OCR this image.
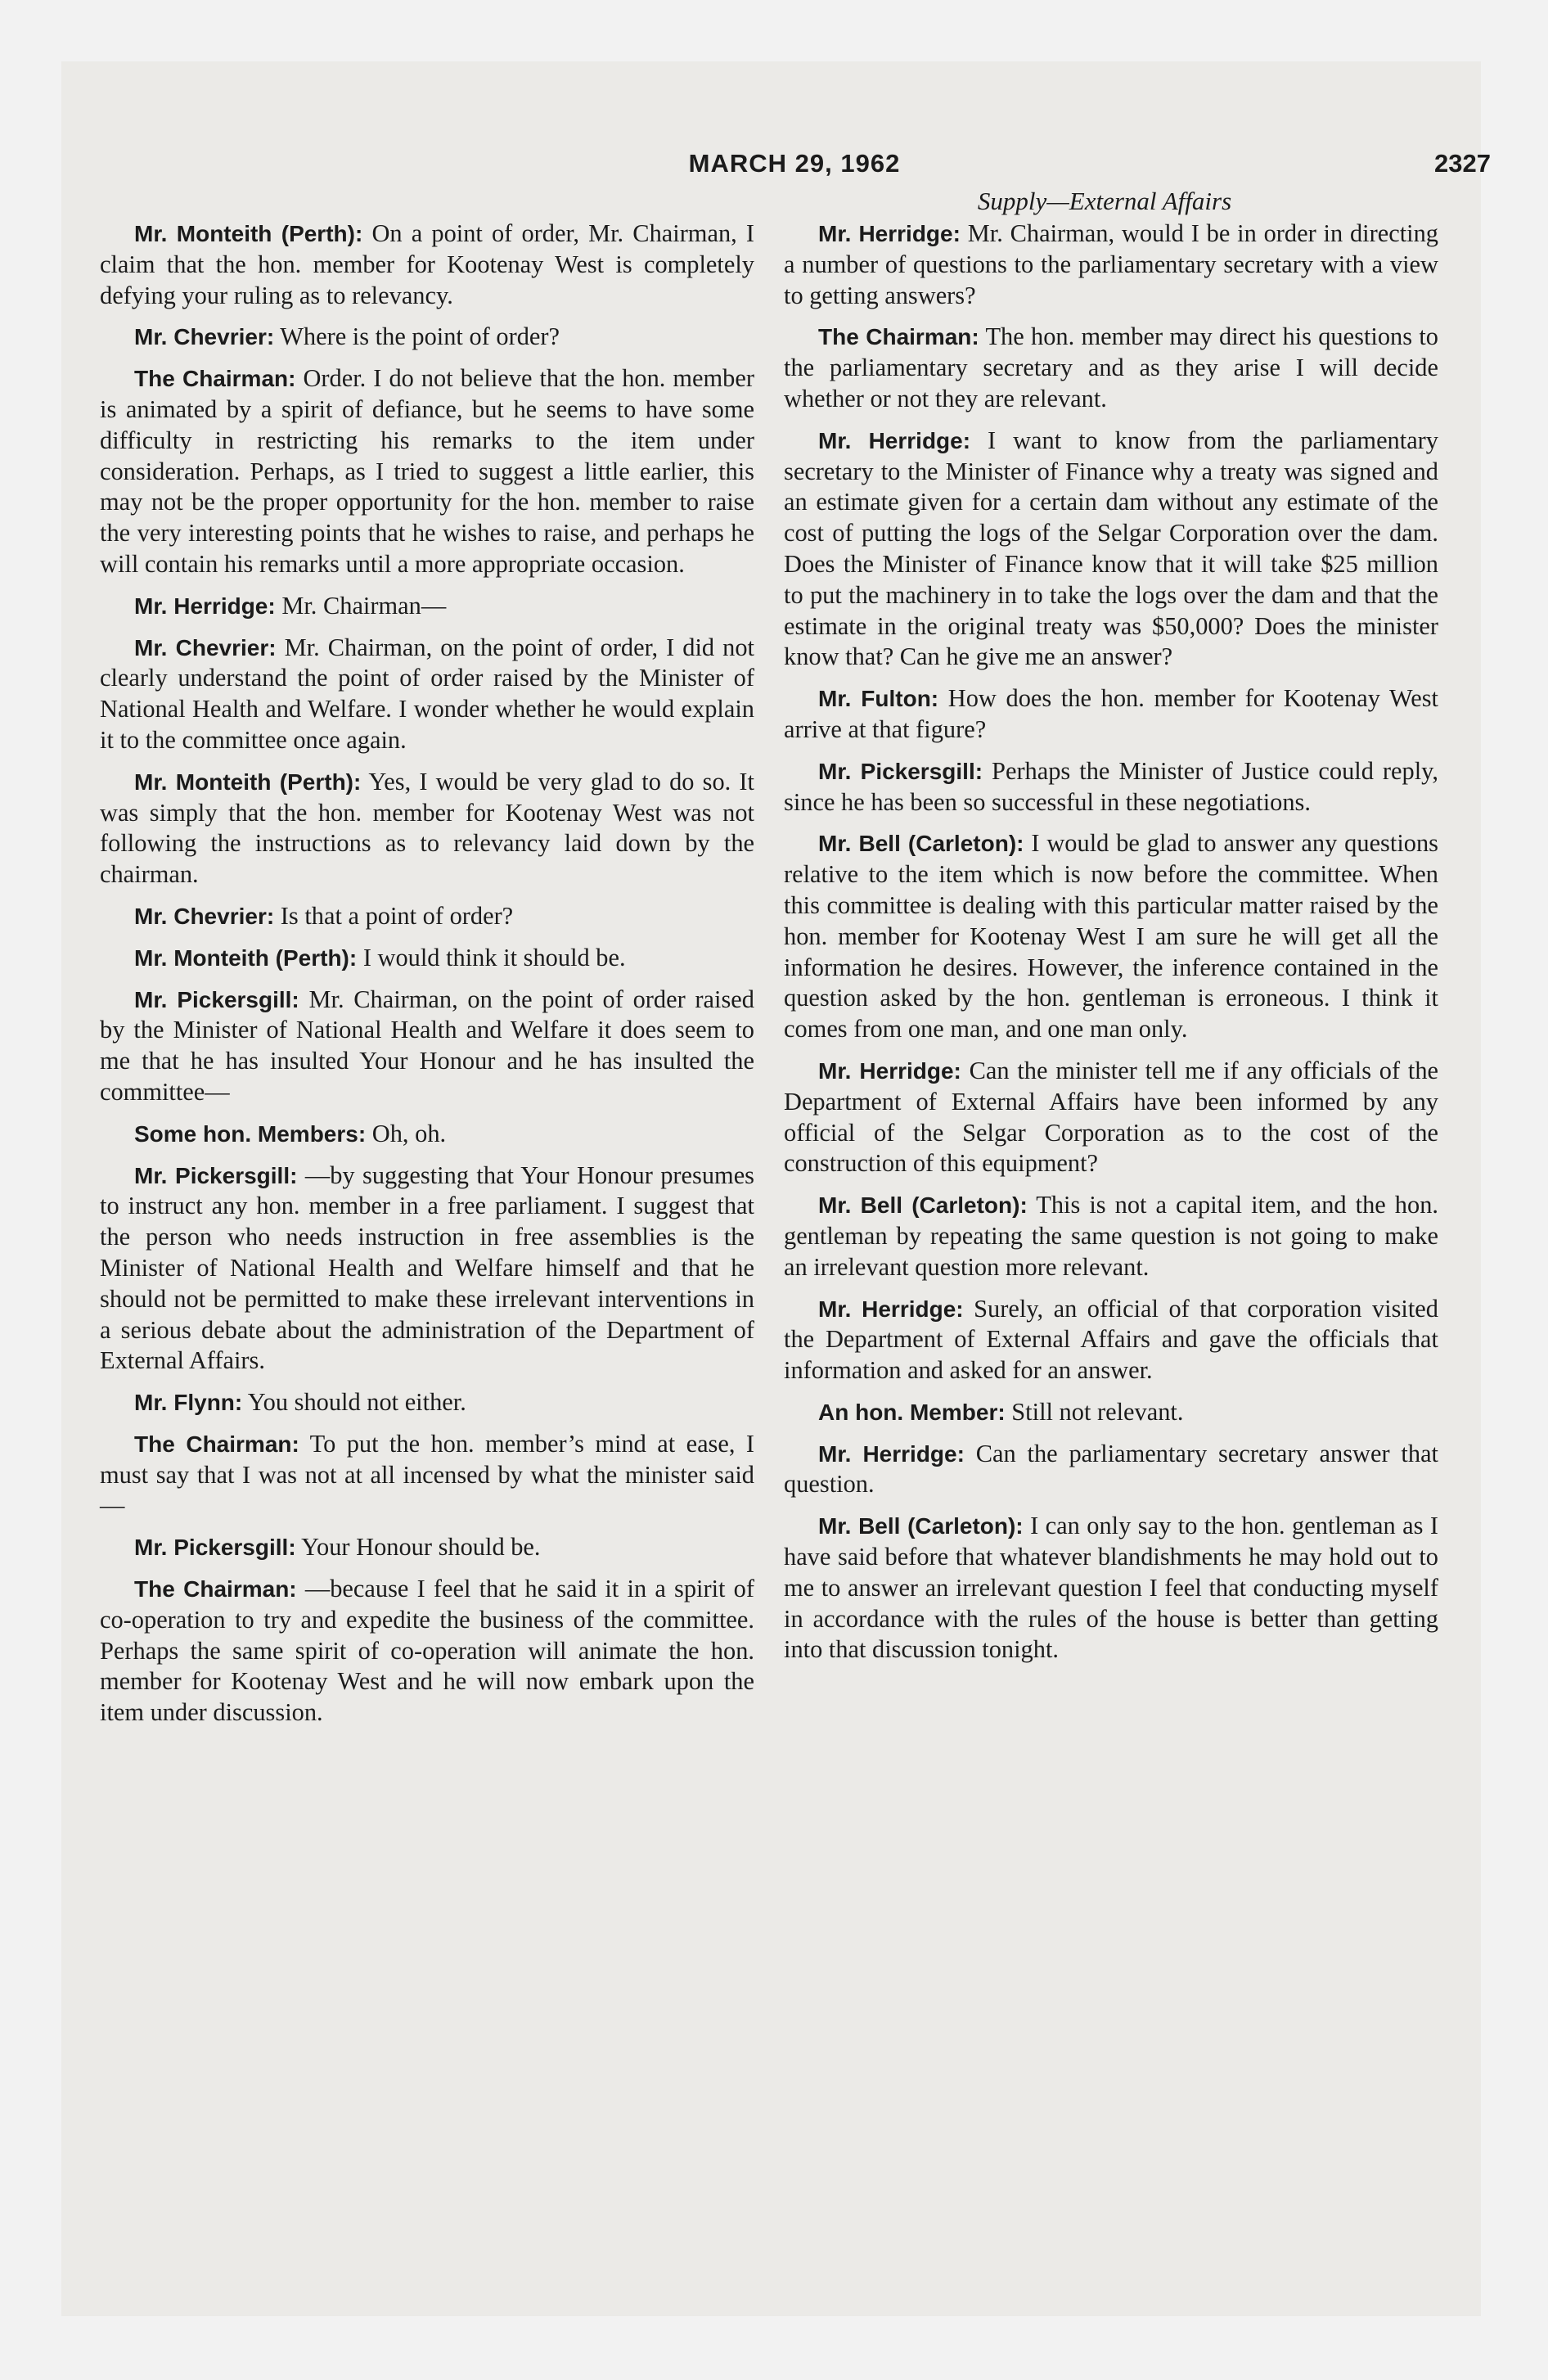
MARCH 29, 1962	2327
Supply—External Affairs

Mr. Monteith (Perth): On a point of order, Mr. Chairman, I claim that the hon. member for Kootenay West is completely defying your ruling as to relevancy.

Mr. Chevrier: Where is the point of order?

The Chairman: Order. I do not believe that the hon. member is animated by a spirit of defiance, but he seems to have some difficulty in restricting his remarks to the item under consideration. Perhaps, as I tried to suggest a little earlier, this may not be the proper opportunity for the hon. member to raise the very interesting points that he wishes to raise, and perhaps he will contain his remarks until a more appropriate occasion.

Mr. Herridge: Mr. Chairman—

Mr. Chevrier: Mr. Chairman, on the point of order, I did not clearly understand the point of order raised by the Minister of National Health and Welfare. I wonder whether he would explain it to the committee once again.

Mr. Monteith (Perth): Yes, I would be very glad to do so. It was simply that the hon. member for Kootenay West was not following the instructions as to relevancy laid down by the chairman.

Mr. Chevrier: Is that a point of order?

Mr. Monteith (Perth): I would think it should be.

Mr. Pickersgill: Mr. Chairman, on the point of order raised by the Minister of National Health and Welfare it does seem to me that he has insulted Your Honour and he has insulted the committee—

Some hon. Members: Oh, oh.

Mr. Pickersgill: —by suggesting that Your Honour presumes to instruct any hon. member in a free parliament. I suggest that the person who needs instruction in free assemblies is the Minister of National Health and Welfare himself and that he should not be permitted to make these irrelevant interventions in a serious debate about the administration of the Department of External Affairs.

Mr. Flynn: You should not either.

The Chairman: To put the hon. member’s mind at ease, I must say that I was not at all incensed by what the minister said—

Mr. Pickersgill: Your Honour should be.

The Chairman: —because I feel that he said it in a spirit of co-operation to try and expedite the business of the committee. Perhaps the same spirit of co-operation will animate the hon. member for Kootenay West and he will now embark upon the item under discussion.

Mr. Herridge: Mr. Chairman, would I be in order in directing a number of questions to the parliamentary secretary with a view to getting answers?

The Chairman: The hon. member may direct his questions to the parliamentary secretary and as they arise I will decide whether or not they are relevant.

Mr. Herridge: I want to know from the parliamentary secretary to the Minister of Finance why a treaty was signed and an estimate given for a certain dam without any estimate of the cost of putting the logs of the Selgar Corporation over the dam. Does the Minister of Finance know that it will take $25 million to put the machinery in to take the logs over the dam and that the estimate in the original treaty was $50,000? Does the minister know that? Can he give me an answer?

Mr. Fulton: How does the hon. member for Kootenay West arrive at that figure?

Mr. Pickersgill: Perhaps the Minister of Justice could reply, since he has been so successful in these negotiations.

Mr. Bell (Carleton): I would be glad to answer any questions relative to the item which is now before the committee. When this committee is dealing with this particular matter raised by the hon. member for Kootenay West I am sure he will get all the information he desires. However, the inference contained in the question asked by the hon. gentleman is erroneous. I think it comes from one man, and one man only.

Mr. Herridge: Can the minister tell me if any officials of the Department of External Affairs have been informed by any official of the Selgar Corporation as to the cost of the construction of this equipment?

Mr. Bell (Carleton): This is not a capital item, and the hon. gentleman by repeating the same question is not going to make an irrelevant question more relevant.

Mr. Herridge: Surely, an official of that corporation visited the Department of External Affairs and gave the officials that information and asked for an answer.

An hon. Member: Still not relevant.

Mr. Herridge: Can the parliamentary secretary answer that question.

Mr. Bell (Carleton): I can only say to the hon. gentleman as I have said before that whatever blandishments he may hold out to me to answer an irrelevant question I feel that conducting myself in accordance with the rules of the house is better than getting into that discussion tonight.
